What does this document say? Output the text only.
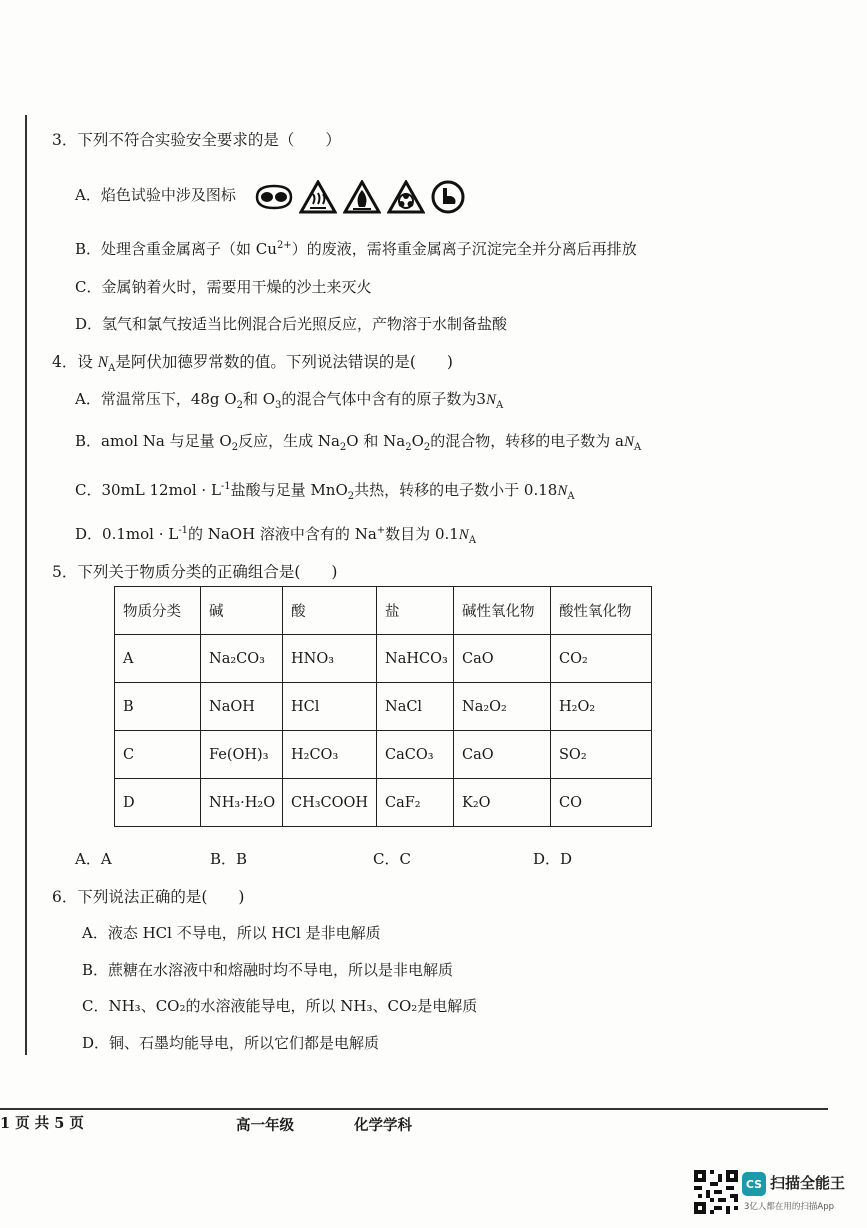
3．下列不符合实验安全要求的是（　　）
A．焰色试验中涉及图标
B．处理含重金属离子（如 $Cu^{2+}$）的废液，需将重金属离子沉淀完全并分离后再排放
C．金属钠着火时，需要用干燥的沙土来灭火
D．氢气和氯气按适当比例混合后光照反应，产物溶于水制备盐酸
4．设 $N_A$是阿伏加德罗常数的值。下列说法错误的是(　　)
A．常温常压下，48g $O_2$和 $O_3$的混合气体中含有的原子数为$3N_A$
B．amol Na 与足量 $O_2$反应，生成 $Na_2O$ 和 $Na_2O_2$的混合物，转移的电子数为 $aN_A$
C．30mL $12mol \cdot L^{-1}$盐酸与足量 MnO$_2$共热，转移的电子数小于 $0.18N_A$
D．$0.1mol \cdot L^{-1}$的 NaOH 溶液中含有的 Na+数目为 $0.1N_A$
5．下列关于物质分类的正确组合是(　　)
物质分类	碱	酸	盐	碱性氧化物	酸性氧化物
A	Na₂CO₃	HNO₃	NaHCO₃	CaO	CO₂
B	NaOH	HCl	NaCl	Na₂O₂	H₂O₂
C	Fe(OH)₃	H₂CO₃	CaCO₃	CaO	SO₂
D	NH₃·H₂O	CH₃COOH	CaF₂	K₂O	CO
A．A	B．B	C．C	D．D
6．下列说法正确的是(　　)
A．液态 HCl 不导电，所以 HCl 是非电解质
B．蔗糖在水溶液中和熔融时均不导电，所以是非电解质
C．NH₃、CO₂的水溶液能导电，所以 NH₃、CO₂是电解质
D．铜、石墨均能导电，所以它们都是电解质
1 页 共 5 页	高一年级	化学学科
CS 扫描全能王
3亿人都在用的扫描App
